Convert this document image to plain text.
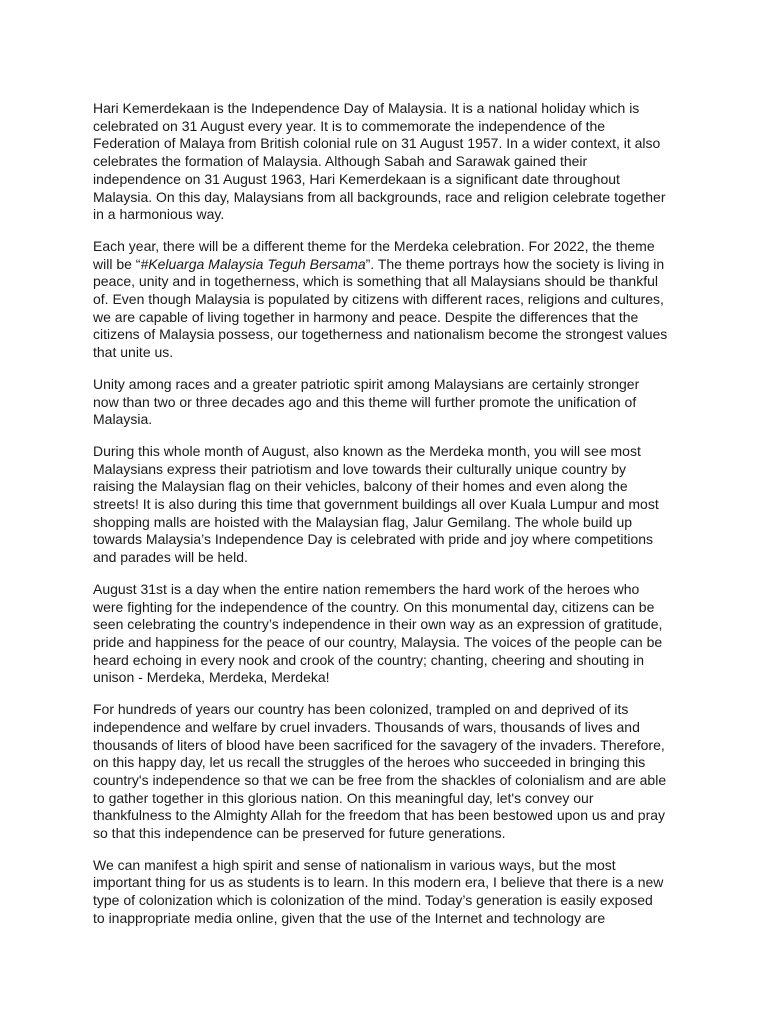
Hari Kemerdekaan is the Independence Day of Malaysia. It is a national holiday which is
celebrated on 31 August every year. It is to commemorate the independence of the
Federation of Malaya from British colonial rule on 31 August 1957. In a wider context, it also
celebrates the formation of Malaysia. Although Sabah and Sarawak gained their
independence on 31 August 1963, Hari Kemerdekaan is a significant date throughout
Malaysia. On this day, Malaysians from all backgrounds, race and religion celebrate together
in a harmonious way.

Each year, there will be a different theme for the Merdeka celebration. For 2022, the theme
will be “#Keluarga Malaysia Teguh Bersama”. The theme portrays how the society is living in
peace, unity and in togetherness, which is something that all Malaysians should be thankful
of. Even though Malaysia is populated by citizens with different races, religions and cultures,
we are capable of living together in harmony and peace. Despite the differences that the
citizens of Malaysia possess, our togetherness and nationalism become the strongest values
that unite us.

Unity among races and a greater patriotic spirit among Malaysians are certainly stronger
now than two or three decades ago and this theme will further promote the unification of
Malaysia.

During this whole month of August, also known as the Merdeka month, you will see most
Malaysians express their patriotism and love towards their culturally unique country by
raising the Malaysian flag on their vehicles, balcony of their homes and even along the
streets! It is also during this time that government buildings all over Kuala Lumpur and most
shopping malls are hoisted with the Malaysian flag, Jalur Gemilang. The whole build up
towards Malaysia’s Independence Day is celebrated with pride and joy where competitions
and parades will be held.

August 31st is a day when the entire nation remembers the hard work of the heroes who
were fighting for the independence of the country. On this monumental day, citizens can be
seen celebrating the country’s independence in their own way as an expression of gratitude,
pride and happiness for the peace of our country, Malaysia. The voices of the people can be
heard echoing in every nook and crook of the country; chanting, cheering and shouting in
unison - Merdeka, Merdeka, Merdeka!

For hundreds of years our country has been colonized, trampled on and deprived of its
independence and welfare by cruel invaders. Thousands of wars, thousands of lives and
thousands of liters of blood have been sacrificed for the savagery of the invaders. Therefore,
on this happy day, let us recall the struggles of the heroes who succeeded in bringing this
country's independence so that we can be free from the shackles of colonialism and are able
to gather together in this glorious nation. On this meaningful day, let's convey our
thankfulness to the Almighty Allah for the freedom that has been bestowed upon us and pray
so that this independence can be preserved for future generations.

We can manifest a high spirit and sense of nationalism in various ways, but the most
important thing for us as students is to learn. In this modern era, I believe that there is a new
type of colonization which is colonization of the mind. Today’s generation is easily exposed
to inappropriate media online, given that the use of the Internet and technology are
